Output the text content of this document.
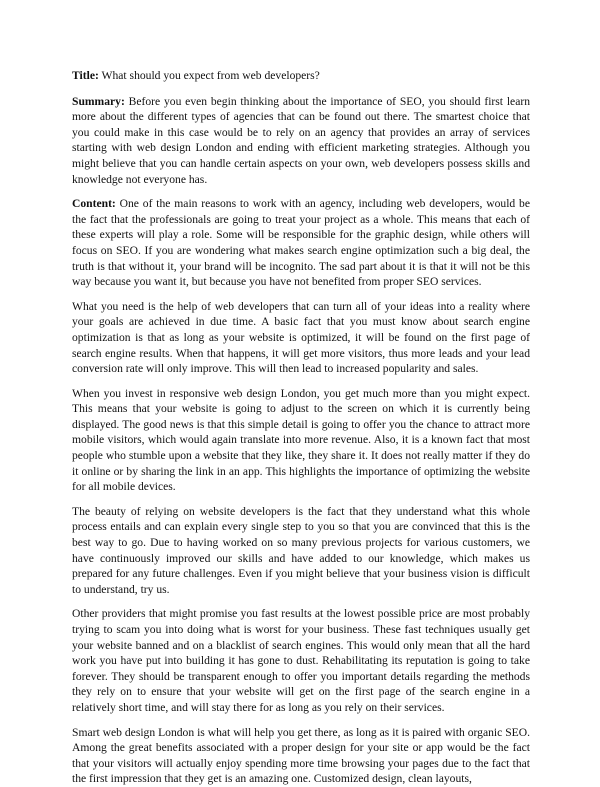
Title: What should you expect from web developers?

Summary: Before you even begin thinking about the importance of SEO, you should first learn more about the different types of agencies that can be found out there. The smartest choice that you could make in this case would be to rely on an agency that provides an array of services starting with web design London and ending with efficient marketing strategies. Although you might believe that you can handle certain aspects on your own, web developers possess skills and knowledge not everyone has.

Content: One of the main reasons to work with an agency, including web developers, would be the fact that the professionals are going to treat your project as a whole. This means that each of these experts will play a role. Some will be responsible for the graphic design, while others will focus on SEO. If you are wondering what makes search engine optimization such a big deal, the truth is that without it, your brand will be incognito. The sad part about it is that it will not be this way because you want it, but because you have not benefited from proper SEO services.

What you need is the help of web developers that can turn all of your ideas into a reality where your goals are achieved in due time. A basic fact that you must know about search engine optimization is that as long as your website is optimized, it will be found on the first page of search engine results. When that happens, it will get more visitors, thus more leads and your lead conversion rate will only improve. This will then lead to increased popularity and sales.

When you invest in responsive web design London, you get much more than you might expect. This means that your website is going to adjust to the screen on which it is currently being displayed. The good news is that this simple detail is going to offer you the chance to attract more mobile visitors, which would again translate into more revenue. Also, it is a known fact that most people who stumble upon a website that they like, they share it. It does not really matter if they do it online or by sharing the link in an app. This highlights the importance of optimizing the website for all mobile devices.

The beauty of relying on website developers is the fact that they understand what this whole process entails and can explain every single step to you so that you are convinced that this is the best way to go. Due to having worked on so many previous projects for various customers, we have continuously improved our skills and have added to our knowledge, which makes us prepared for any future challenges. Even if you might believe that your business vision is difficult to understand, try us.

Other providers that might promise you fast results at the lowest possible price are most probably trying to scam you into doing what is worst for your business. These fast techniques usually get your website banned and on a blacklist of search engines. This would only mean that all the hard work you have put into building it has gone to dust. Rehabilitating its reputation is going to take forever. They should be transparent enough to offer you important details regarding the methods they rely on to ensure that your website will get on the first page of the search engine in a relatively short time, and will stay there for as long as you rely on their services.

Smart web design London is what will help you get there, as long as it is paired with organic SEO. Among the great benefits associated with a proper design for your site or app would be the fact that your visitors will actually enjoy spending more time browsing your pages due to the fact that the first impression that they get is an amazing one. Customized design, clean layouts,
